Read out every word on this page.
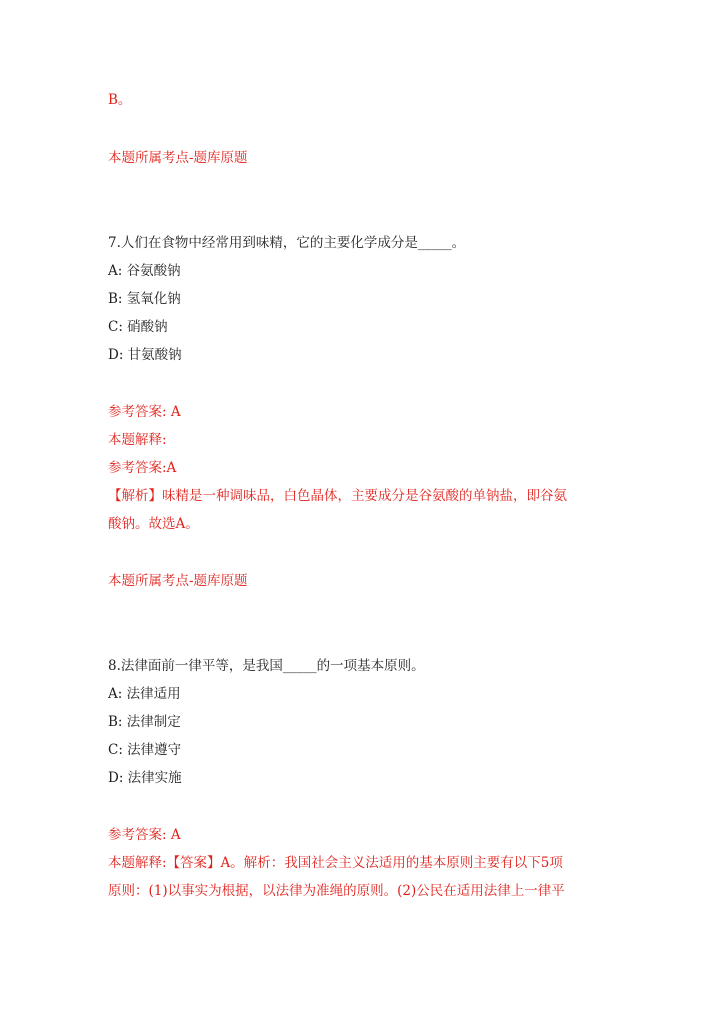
B。
本题所属考点-题库原题
7.人们在食物中经常用到味精，它的主要化学成分是_____。
A: 谷氨酸钠
B: 氢氧化钠
C: 硝酸钠
D: 甘氨酸钠
参考答案: A
本题解释:
参考答案:A
【解析】味精是一种调味品，白色晶体，主要成分是谷氨酸的单钠盐，即谷氨
酸钠。故选A。
本题所属考点-题库原题
8.法律面前一律平等，是我国_____的一项基本原则。
A: 法律适用
B: 法律制定
C: 法律遵守
D: 法律实施
参考答案: A
本题解释:【答案】A。解析：我国社会主义法适用的基本原则主要有以下5项
原则：(1)以事实为根据，以法律为准绳的原则。(2)公民在适用法律上一律平
